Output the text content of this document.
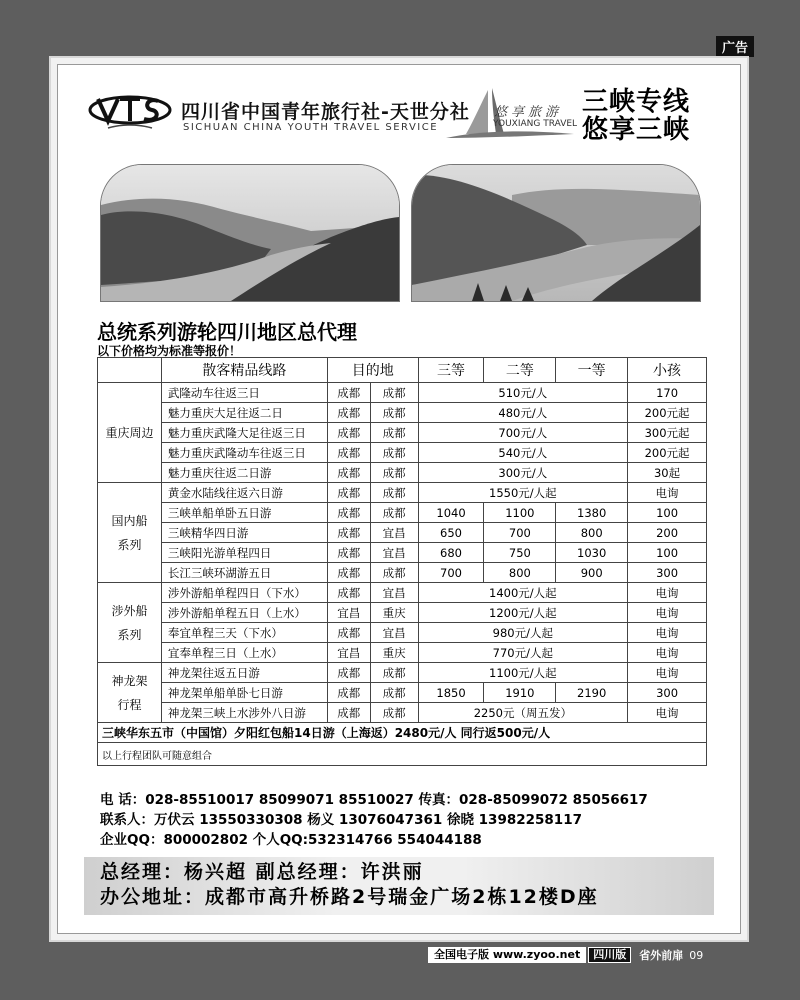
广告
四川省中国青年旅行社-天世分社
SICHUAN CHINA YOUTH TRAVEL SERVICE
悠享旅游
YOUXIANG TRAVEL
三峡专线
悠享三峡
总统系列游轮四川地区总代理
以下价格均为标准等报价！
	散客精品线路	目的地		三等	二等	一等	小孩
重庆周边	武隆动车往返三日	成都	成都	510元/人			170
	魅力重庆大足往返二日	成都	成都	480元/人			200元起
	魅力重庆武隆大足往返三日	成都	成都	700元/人			300元起
	魅力重庆武隆动车往返三日	成都	成都	540元/人			200元起
	魅力重庆往返二日游	成都	成都	300元/人			30起

国内船
系列	黄金水陆线往返六日游	成都	成都	1550元/人起			电询
	三峡单船单卧五日游	成都	成都	1040	1100	1380	100
	三峡精华四日游	成都	宜昌	650	700	800	200
	三峡阳光游单程四日	成都	宜昌	680	750	1030	100
	长江三峡环湖游五日	成都	成都	700	800	900	300

涉外船
系列	涉外游船单程四日（下水）	成都	宜昌	1400元/人起			电询
	涉外游船单程五日（上水）	宜昌	重庆	1200元/人起			电询
	奉宜单程三天（下水）	成都	宜昌	980元/人起			电询
	宜奉单程三日（上水）	宜昌	重庆	770元/人起			电询

神龙架
行程	神龙架往返五日游	成都	成都	1100元/人起			电询
	神龙架单船单卧七日游	成都	成都	1850	1910	2190	300
	神龙架三峡上水涉外八日游	成都	成都	2250元（周五发）			电询
三峡华东五市（中国馆）夕阳红包船14日游（上海返）2480元/人 同行返500元/人							
以上行程团队可随意组合							
电 话：028-85510017 85099071 85510027 传真：028-85099072 85056617
联系人：万伏云 13550330308 杨义 13076047361 徐晓 13982258117
企业QQ：800002802 个人QQ:532314766 554044188
总经理：杨兴超 副总经理：许洪丽
办公地址：成都市高升桥路2号瑞金广场2栋12楼D座
全国电子版 www.zyoo.net	四川版	省外前扉 09
